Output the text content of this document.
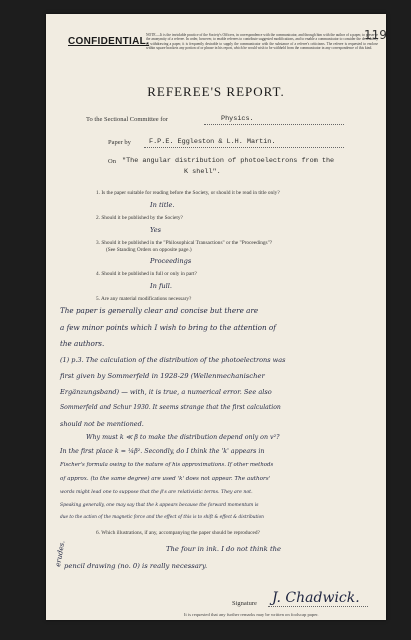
CONFIDENTIAL.
NOTE.—It is the inviolable practice of the Society's Officers, in correspondence with the communicator, and through him with the author of a paper, to preserve the anonymity of a referee. In order, however, to enable referees to contribute suggested modifications, and to enable a communicator to consider the desirability of withdrawing a paper, it is frequently desirable to supply the communicator with the substance of a referee's criticisms. The referee is requested to enclose within square brackets any portion of or phrase in his report, which he would wish to be withheld from the communicator in any correspondence of this kind.
119
REFEREE'S REPORT.
To the Sectional Committee for	Physics.
Paper by	F.P.E. Eggleston & L.H. Martin.
On "The angular distribution of photoelectrons from the
K shell".
1. Is the paper suitable for reading before the Society, or should it be read in title only?
In title.
2. Should it be published by the Society?
Yes
3. Should it be published in the "Philosophical Transactions" or the "Proceedings"?
(See Standing Orders on opposite page.)
Proceedings
4. Should it be published in full or only in part?
In full.
5. Are any material modifications necessary?
The paper is generally clear and concise but there are
a few minor points which I wish to bring to the attention of
the authors.
(1) p.3. The calculation of the distribution of the photoelectrons was
first given by Sommerfeld in 1928-29 (Wellenmechanischer
Ergänzungsband) — with, it is true, a numerical error. See also
Sommerfeld and Schur 1930. It seems strange that the first calculation
should not be mentioned.
Why must k ≪ β to make the distribution depend only on v²?
In the first place k = ¼β². Secondly, do I think the 'k' appears in
Fischer's formula owing to the nature of his approximations. If other methods
of approx. (to the same degree) are used 'k' does not appear. The authors'
words might lead one to suppose that the β's are relativistic terms. They are not.
Speaking generally, one may say that the k appears because the forward momentum is
due to the action of the magnetic force and the effect of this is to shift & effect & distribution
6. Which illustrations, if any, accompanying the paper should be reproduced?
erudes.	The four in ink. I do not think the
pencil drawing (no. 0) is really necessary.
Signature J. Chadwick.
It is requested that any further remarks may be written on foolscap paper.
